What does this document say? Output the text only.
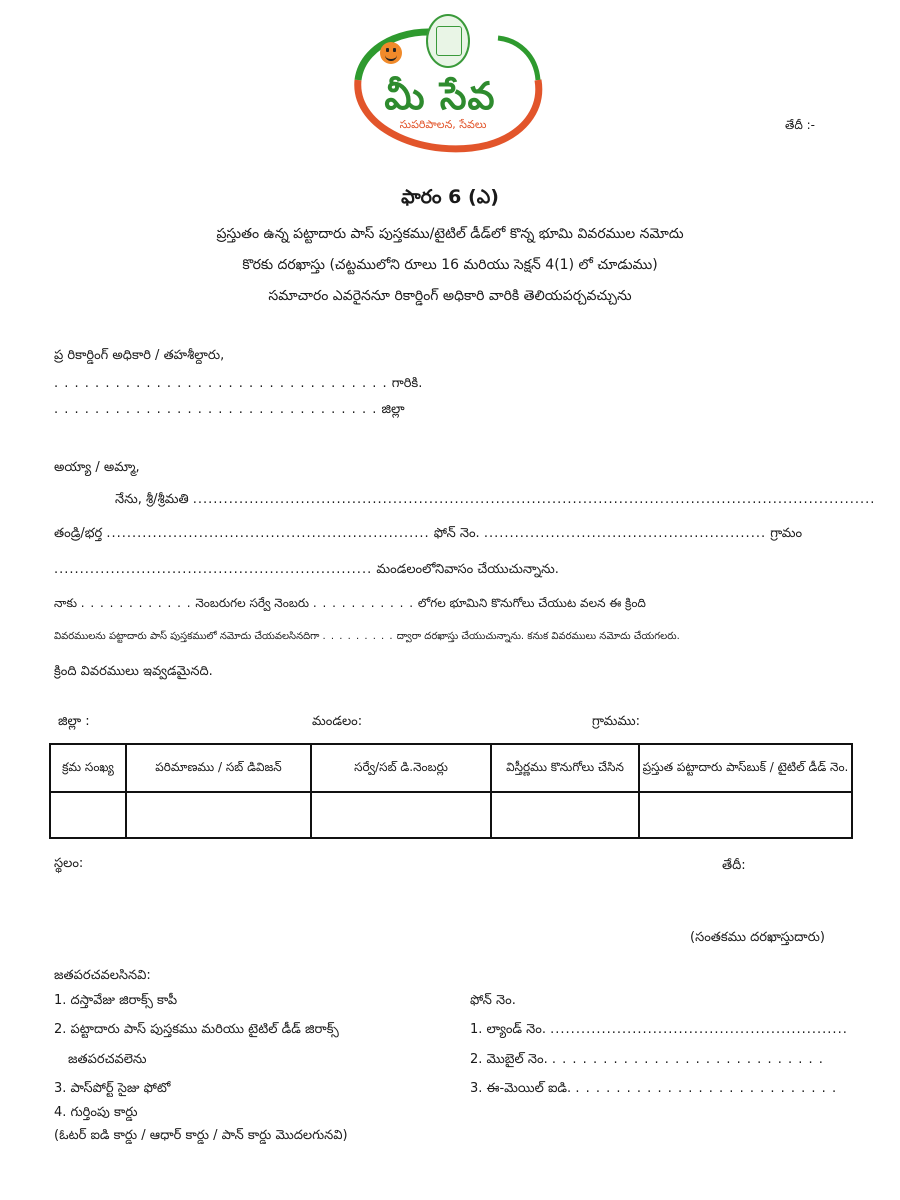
మీ సేవ
సుపరిపాలన, సేవలు	తేదీ :-
ఫారం 6 (ఎ)
ప్రస్తుతం ఉన్న పట్టాదారు పాస్ పుస్తకము/టైటిల్ డీడ్‌లో కొన్న భూమి వివరముల నమోదు
కొరకు దరఖాస్తు (చట్టములోని రూలు 16 మరియు సెక్షన్ 4(1) లో చూడుము)
సమాచారం ఎవరైననూ రికార్డింగ్ అధికారి వారికి తెలియపర్చవచ్చును
ప్ర రికార్డింగ్ అధికారి / తహశీల్దారు,
. . . . . . . . . . . . . . . . . . . . . . . . . . . . . . . . . గారికి.
. . . . . . . . . . . . . . . . . . . . . . . . . . . . . . . . జిల్లా
అయ్యా / అమ్మా,
నేను, శ్రీ/శ్రీమతి .....................................................................................................................................
తండ్రి/భర్త ............................................................... ఫోన్ నెం. ....................................................... గ్రామం
.............................................................. మండలంలోనివాసం చేయుచున్నాను.
నాకు . . . . . . . . . . . . నెంబరుగల సర్వే నెంబరు . . . . . . . . . . . లోగల భూమిని కొనుగోలు చేయుట వలన ఈ క్రింది
వివరములను పట్టాదారు పాస్ పుస్తకములో నమోదు చేయవలసినదిగా . . . . . . . . . ద్వారా దరఖాస్తు చేయుచున్నాను. కనుక వివరములు నమోదు చేయగలరు.
క్రింది వివరములు ఇవ్వడమైనది.
జిల్లా :	మండలం:	గ్రామము:
క్రమ సంఖ్య	పరిమాణము / సబ్ డివిజన్	సర్వే/సబ్ డి.నెంబర్లు	విస్తీర్ణము కొనుగోలు చేసిన	ప్రస్తుత పట్టాదారు పాస్‌బుక్ / టైటిల్ డీడ్ నెం.

స్థలం:	తేదీ:
(సంతకము దరఖాస్తుదారు)
జతపరచవలసినవి:
1. దస్తావేజు జిరాక్స్ కాపీ
2. పట్టాదారు పాస్ పుస్తకము మరియు టైటిల్ డీడ్ జిరాక్స్
జతపరచవలెను
3. పాస్‌పోర్ట్ సైజు ఫోటో
4. గుర్తింపు కార్డు
(ఓటర్ ఐడి కార్డు / ఆధార్ కార్డు / పాన్ కార్డు మొదలగునవి)
ఫోన్ నెం.
1. ల్యాండ్ నెం. ..........................................................
2. మొబైల్ నెం. . . . . . . . . . . . . . . . . . . . . . . . . . . .
3. ఈ-మెయిల్ ఐడి. . . . . . . . . . . . . . . . . . . . . . . . . . .
